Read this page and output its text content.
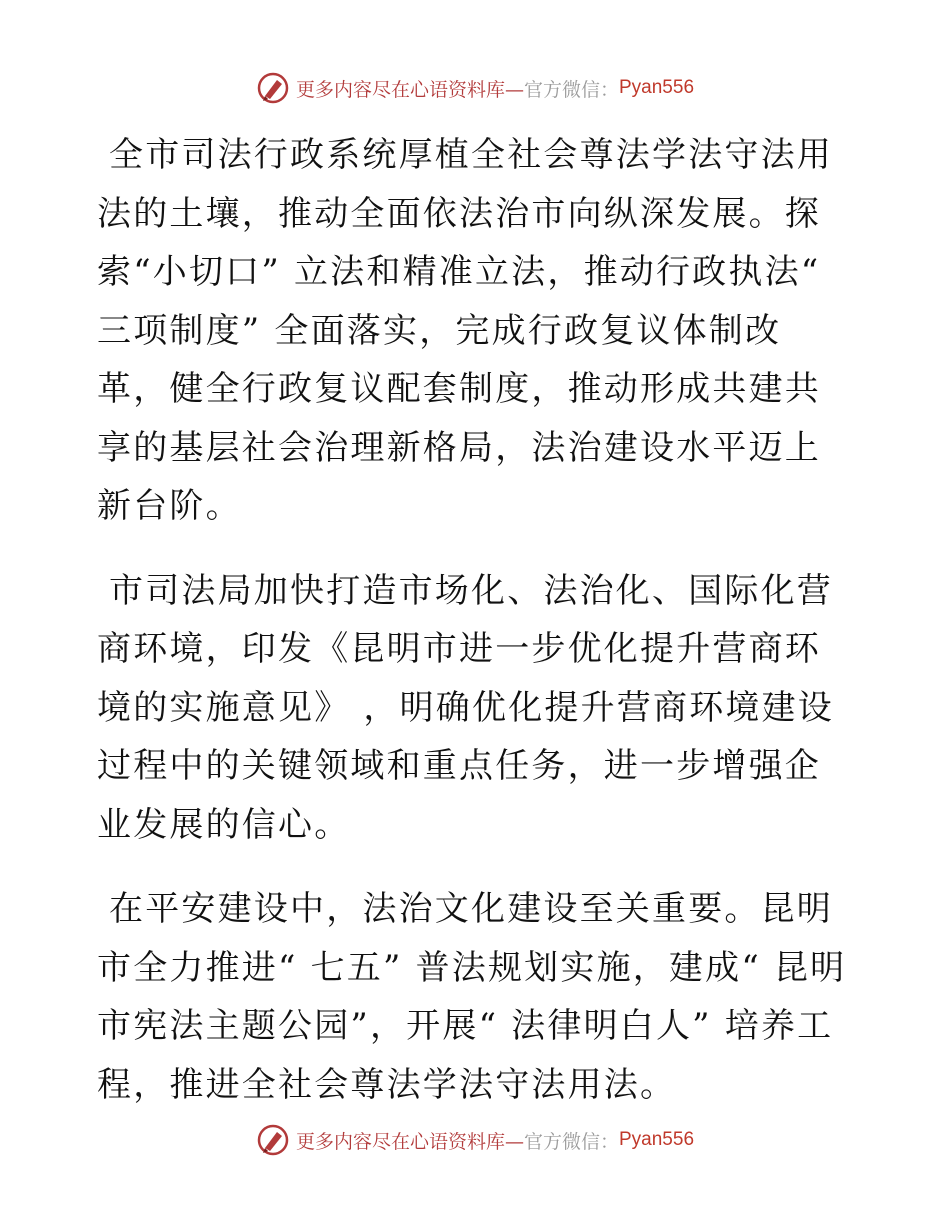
更多内容尽在心语资料库— 官方微信： Pyan556

全市司法行政系统厚植全社会尊法学法守法用法的土壤，推动全面依法治市向纵深发展。探索“小切口” 立法和精准立法，推动行政执法“ 三项制度” 全面落实，完成行政复议体制改革，健全行政复议配套制度，推动形成共建共享的基层社会治理新格局，法治建设水平迈上新台阶。

市司法局加快打造市场化、法治化、国际化营商环境，印发《昆明市进一步优化提升营商环境的实施意见》 ，明确优化提升营商环境建设过程中的关键领域和重点任务，进一步增强企业发展的信心。

在平安建设中，法治文化建设至关重要。昆明市全力推进“ 七五” 普法规划实施，建成“ 昆明市宪法主题公园”，开展“ 法律明白人” 培养工程，推进全社会尊法学法守法用法。

更多内容尽在心语资料库— 官方微信： Pyan556
